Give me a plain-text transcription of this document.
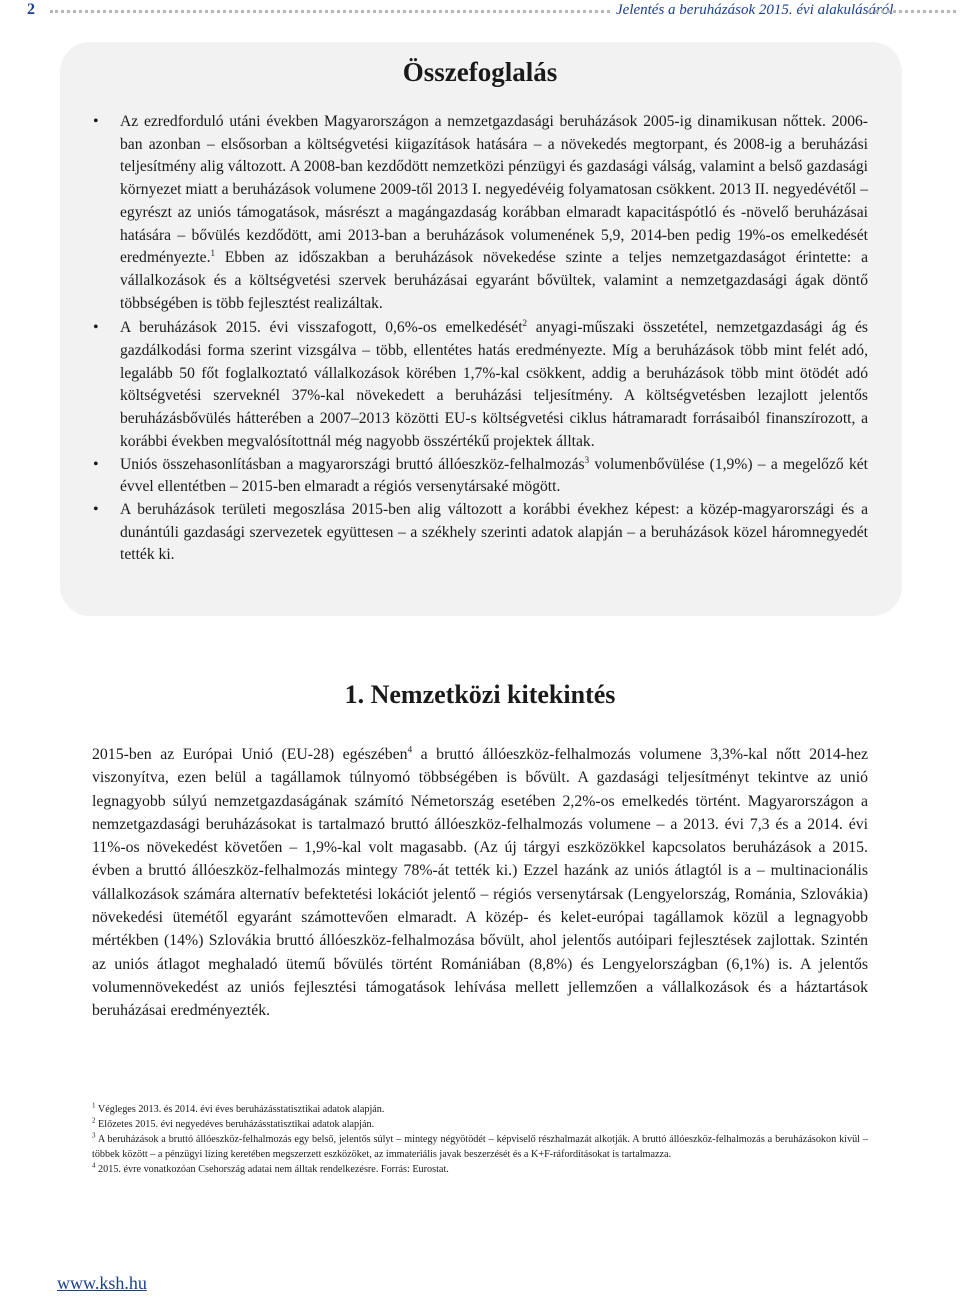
2	Jelentés a beruházások 2015. évi alakulásáról
Összefoglalás
• Az ezredforduló utáni években Magyarországon a nemzetgazdasági beruházások 2005-ig dinamikusan nőttek. 2006-ban azonban – elsősorban a költségvetési kiigazítások hatására – a növekedés megtorpant, és 2008-ig a beruházási teljesítmény alig változott. A 2008-ban kezdődött nemzetközi pénzügyi és gazdasági válság, valamint a belső gazdasági környezet miatt a beruházások volumene 2009-től 2013 I. negyedévéig folyamatosan csökkent. 2013 II. negyedévétől – egyrészt az uniós támogatások, másrészt a magángazdaság korábban elmaradt kapacitáspótló és -növelő beruházásai hatására – bővülés kezdődött, ami 2013-ban a beruházások volumenének 5,9, 2014-ben pedig 19%-os emelkedését eredményezte.$^1$ Ebben az időszakban a beruházások növekedése szinte a teljes nemzetgazdaságot érintette: a vállalkozások és a költségvetési szervek beruházásai egyaránt bővültek, valamint a nemzetgazdasági ágak döntő többségében is több fejlesztést realizáltak.
• A beruházások 2015. évi visszafogott, 0,6%-os emelkedését$^2$ anyagi-műszaki összetétel, nemzetgazdasági ág és gazdálkodási forma szerint vizsgálva – több, ellentétes hatás eredményezte. Míg a beruházások több mint felét adó, legalább 50 főt foglalkoztató vállalkozások körében 1,7%-kal csökkent, addig a beruházások több mint ötödét adó költségvetési szerveknél 37%-kal növekedett a beruházási teljesítmény. A költségvetésben lezajlott jelentős beruházásbővülés hátterében a 2007–2013 közötti EU-s költségvetési ciklus hátramaradt forrásaiból finanszírozott, a korábbi években megvalósítottnál még nagyobb összértékű projektek álltak.
• Uniós összehasonlításban a magyarországi bruttó állóeszköz-felhalmozás$^3$ volumenbővülése (1,9%) – a megelőző két évvel ellentétben – 2015-ben elmaradt a régiós versenytársaké mögött.
• A beruházások területi megoszlása 2015-ben alig változott a korábbi évekhez képest: a közép-magyarországi és a dunántúli gazdasági szervezetek együttesen – a székhely szerinti adatok alapján – a beruházások közel háromnegyedét tették ki.
1. Nemzetközi kitekintés

2015-ben az Európai Unió (EU-28) egészében$^4$ a bruttó állóeszköz-felhalmozás volumene 3,3%-kal nőtt 2014-hez viszonyítva, ezen belül a tagállamok túlnyomó többségében is bővült. A gazdasági teljesítményt tekintve az unió legnagyobb súlyú nemzetgazdaságának számító Németország esetében 2,2%-os emelkedés történt. Magyarországon a nemzetgazdasági beruházásokat is tartalmazó bruttó állóeszköz-felhalmozás volumene – a 2013. évi 7,3 és a 2014. évi 11%-os növekedést követően – 1,9%-kal volt magasabb. (Az új tárgyi eszközökkel kapcsolatos beruházások a 2015. évben a bruttó állóeszköz-felhalmozás mintegy 78%-át tették ki.) Ezzel hazánk az uniós átlagtól is a – multinacionális vállalkozások számára alternatív befektetési lokációt jelentő – régiós versenytársak (Lengyelország, Románia, Szlovákia) növekedési ütemétől egyaránt számottevően elmaradt. A közép- és kelet-európai tagállamok közül a legnagyobb mértékben (14%) Szlovákia bruttó állóeszköz-felhalmozása bővült, ahol jelentős autóipari fejlesztések zajlottak. Szintén az uniós átlagot meghaladó ütemű bővülés történt Romániában (8,8%) és Lengyelországban (6,1%) is. A jelentős volumennövekedést az uniós fejlesztési támogatások lehívása mellett jellemzően a vállalkozások és a háztartások beruházásai eredményezték.

$^1$ Végleges 2013. és 2014. évi éves beruházásstatisztikai adatok alapján.

$^2$ Előzetes 2015. évi negyedéves beruházásstatisztikai adatok alapján.

$^3$ A beruházások a bruttó állóeszköz-felhalmozás egy belső, jelentős súlyt – mintegy négyötödét – képviselő részhalmazát alkotják. A bruttó állóeszköz-felhalmozás a beruházásokon kívül – többek között – a pénzügyi lízing keretében megszerzett eszközöket, az immateriális javak beszerzését és a K+F-ráfordításokat is tartalmazza.

$^4$ 2015. évre vonatkozóan Csehország adatai nem álltak rendelkezésre. Forrás: Eurostat.

www.ksh.hu
